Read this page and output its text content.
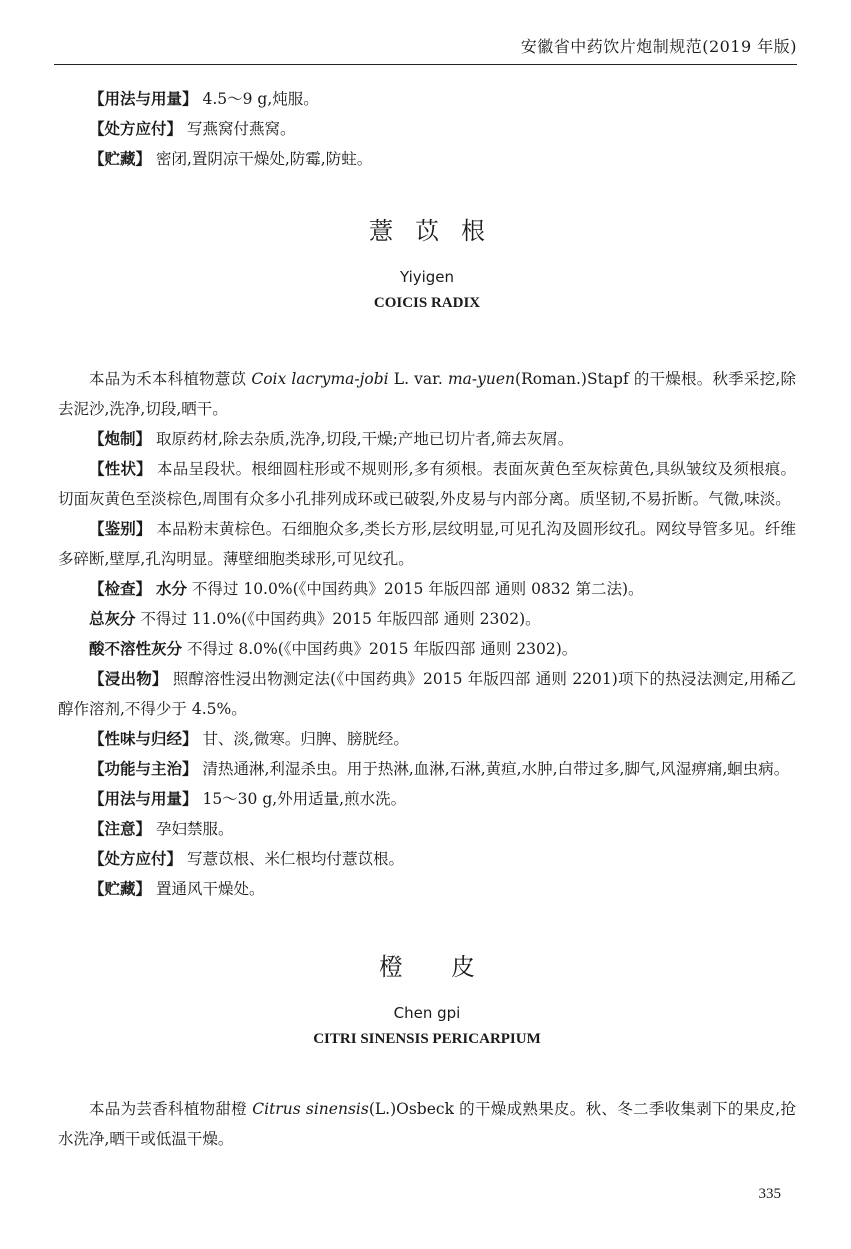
安徽省中药饮片炮制规范(2019 年版)

【用法与用量】 4.5～9 g,炖服。

【处方应付】 写燕窝付燕窝。

【贮藏】 密闭,置阴凉干燥处,防霉,防蛀。

薏苡根

Yiyigen

COICIS RADIX

本品为禾本科植物薏苡 Coix lacryma-jobi L. var. ma-yuen(Roman.)Stapf 的干燥根。秋季采挖,除去泥沙,洗净,切段,晒干。

【炮制】 取原药材,除去杂质,洗净,切段,干燥;产地已切片者,筛去灰屑。

【性状】 本品呈段状。根细圆柱形或不规则形,多有须根。表面灰黄色至灰棕黄色,具纵皱纹及须根痕。切面灰黄色至淡棕色,周围有众多小孔排列成环或已破裂,外皮易与内部分离。质坚韧,不易折断。气微,味淡。

【鉴别】 本品粉末黄棕色。石细胞众多,类长方形,层纹明显,可见孔沟及圆形纹孔。网纹导管多见。纤维多碎断,壁厚,孔沟明显。薄壁细胞类球形,可见纹孔。

【检查】 水分 不得过 10.0%(《中国药典》2015 年版四部 通则 0832 第二法)。

总灰分 不得过 11.0%(《中国药典》2015 年版四部 通则 2302)。

酸不溶性灰分 不得过 8.0%(《中国药典》2015 年版四部 通则 2302)。

【浸出物】 照醇溶性浸出物测定法(《中国药典》2015 年版四部 通则 2201)项下的热浸法测定,用稀乙醇作溶剂,不得少于 4.5%。

【性味与归经】 甘、淡,微寒。归脾、膀胱经。

【功能与主治】 清热通淋,利湿杀虫。用于热淋,血淋,石淋,黄疸,水肿,白带过多,脚气,风湿痹痛,蛔虫病。

【用法与用量】 15～30 g,外用适量,煎水洗。

【注意】 孕妇禁服。

【处方应付】 写薏苡根、米仁根均付薏苡根。

【贮藏】 置通风干燥处。

橙皮

Chen gpi

CITRI SINENSIS PERICARPIUM

本品为芸香科植物甜橙 Citrus sinensis(L.)Osbeck 的干燥成熟果皮。秋、冬二季收集剥下的果皮,抢水洗净,晒干或低温干燥。

335
